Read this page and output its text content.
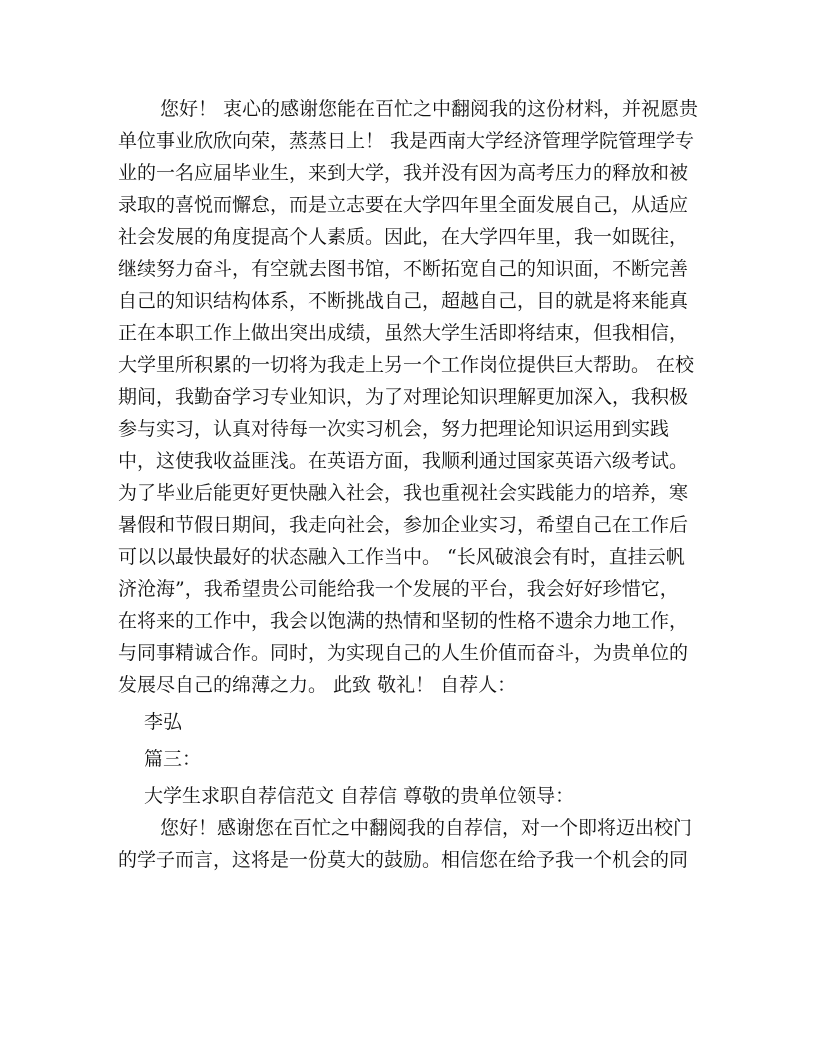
您好！ 衷心的感谢您能在百忙之中翻阅我的这份材料，并祝愿贵
单位事业欣欣向荣，蒸蒸日上！ 我是西南大学经济管理学院管理学专
业的一名应届毕业生，来到大学，我并没有因为高考压力的释放和被
录取的喜悦而懈怠，而是立志要在大学四年里全面发展自己，从适应
社会发展的角度提高个人素质。因此，在大学四年里，我一如既往，
继续努力奋斗，有空就去图书馆，不断拓宽自己的知识面，不断完善
自己的知识结构体系，不断挑战自己，超越自己，目的就是将来能真
正在本职工作上做出突出成绩，虽然大学生活即将结束，但我相信，
大学里所积累的一切将为我走上另一个工作岗位提供巨大帮助。 在校
期间，我勤奋学习专业知识，为了对理论知识理解更加深入，我积极
参与实习，认真对待每一次实习机会，努力把理论知识运用到实践
中，这使我收益匪浅。在英语方面，我顺利通过国家英语六级考试。
为了毕业后能更好更快融入社会，我也重视社会实践能力的培养，寒
暑假和节假日期间，我走向社会，参加企业实习，希望自己在工作后
可以以最快最好的状态融入工作当中。 “长风破浪会有时，直挂云帆
济沧海”，我希望贵公司能给我一个发展的平台，我会好好珍惜它，
在将来的工作中，我会以饱满的热情和坚韧的性格不遗余力地工作，
与同事精诚合作。同时，为实现自己的人生价值而奋斗，为贵单位的
发展尽自己的绵薄之力。 此致 敬礼！ 自荐人：
李弘
篇三：
大学生求职自荐信范文 自荐信 尊敬的贵单位领导：
您好！感谢您在百忙之中翻阅我的自荐信，对一个即将迈出校门
的学子而言，这将是一份莫大的鼓励。相信您在给予我一个机会的同
